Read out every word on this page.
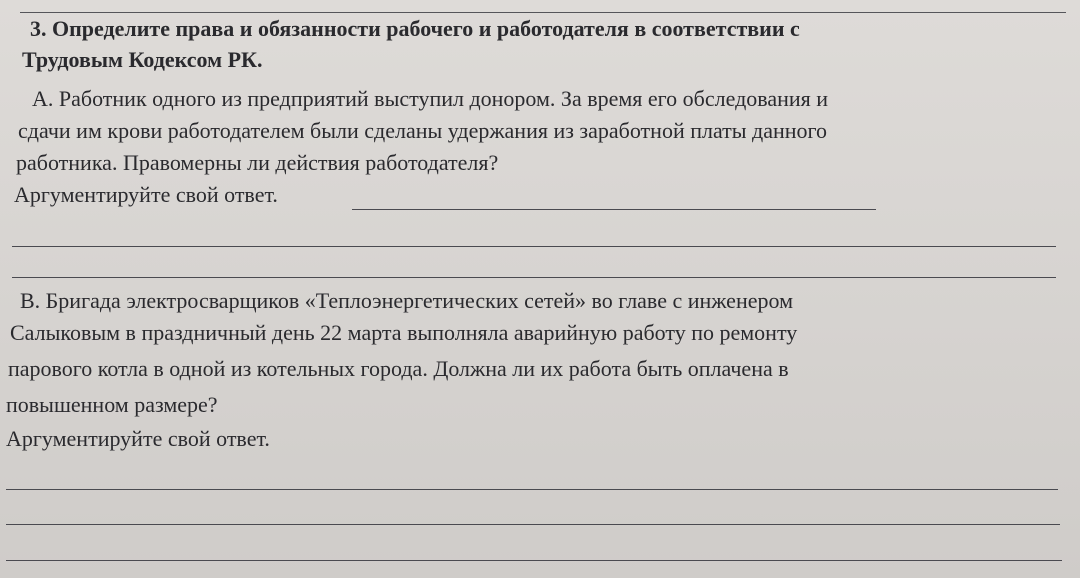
3. Определите права и обязанности рабочего и работодателя в соответствии с
Трудовым Кодексом РК.
А. Работник одного из предприятий выступил донором. За время его обследования и
сдачи им крови работодателем были сделаны удержания из заработной платы данного
работника. Правомерны ли действия работодателя?
Аргументируйте свой ответ.
В. Бригада электросварщиков «Теплоэнергетических сетей» во главе с инженером
Салыковым в праздничный день 22 марта выполняла аварийную работу по ремонту
парового котла в одной из котельных города. Должна ли их работа быть оплачена в
повышенном размере?
Аргументируйте свой ответ.
